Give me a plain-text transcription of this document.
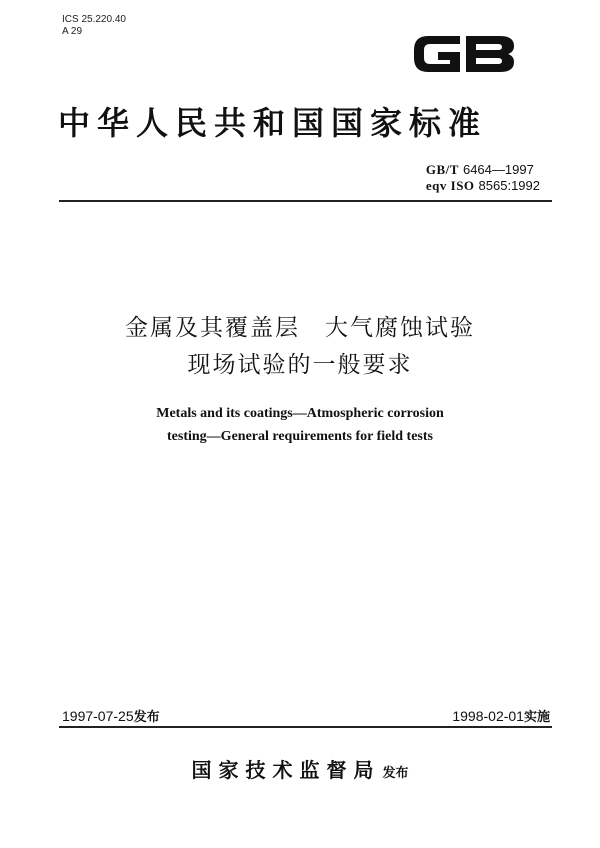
ICS 25.220.40
A 29
中华人民共和国国家标准
GB/T 6464—1997
eqv ISO 8565:1992
金属及其覆盖层　大气腐蚀试验
现场试验的一般要求
Metals and its coatings—Atmospheric corrosion
testing—General requirements for field tests
1997-07-25发布	1998-02-01实施
国家技术监督局 发布
